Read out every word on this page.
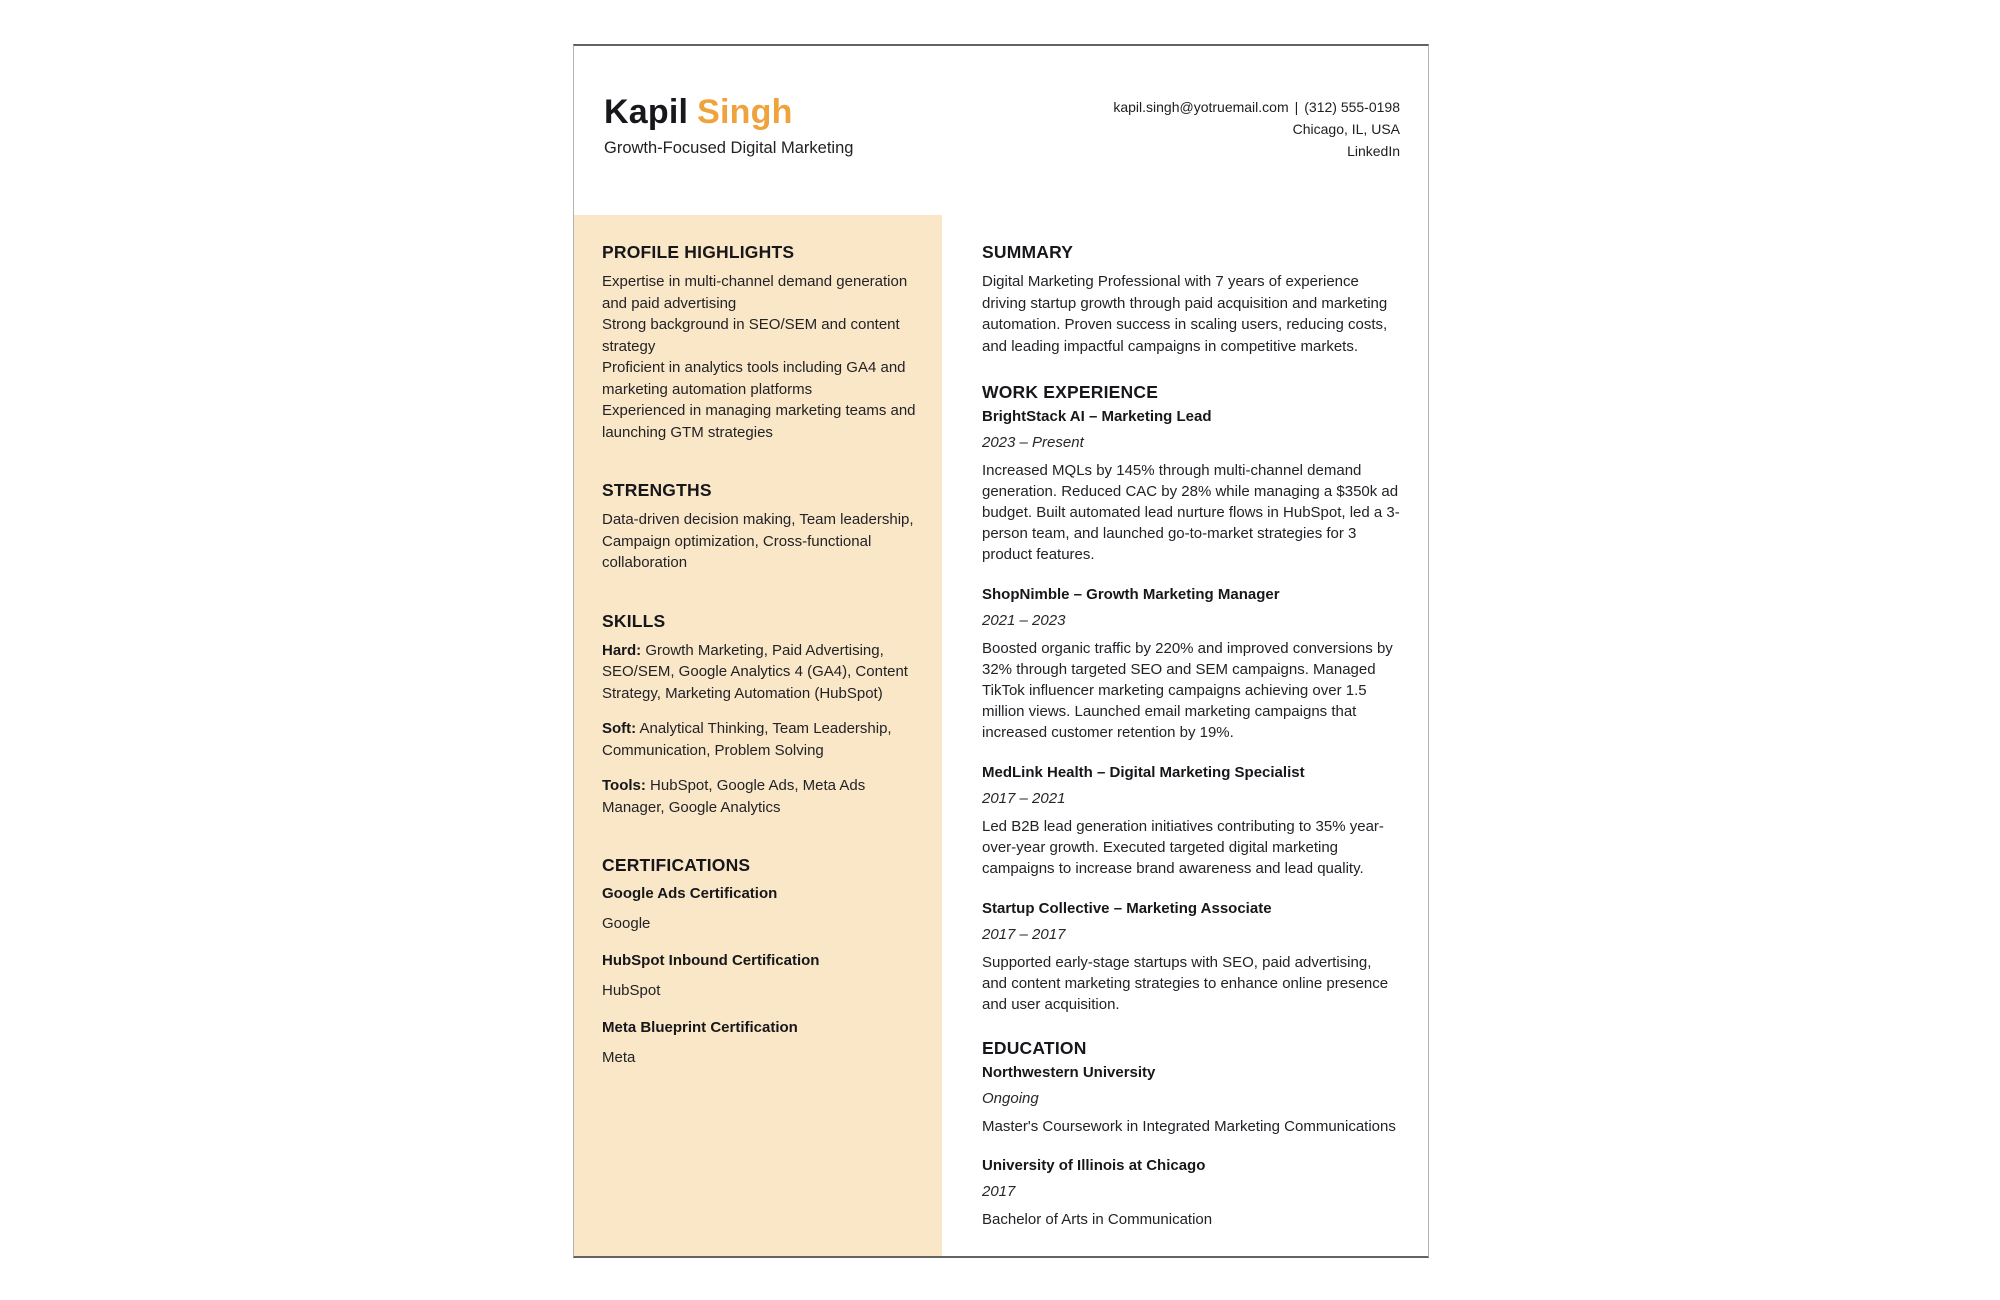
Kapil Singh
Growth-Focused Digital Marketing
kapil.singh@yotruemail.com | (312) 555-0198
Chicago, IL, USA
LinkedIn
PROFILE HIGHLIGHTS
Expertise in multi-channel demand generation and paid advertising
Strong background in SEO/SEM and content strategy
Proficient in analytics tools including GA4 and marketing automation platforms
Experienced in managing marketing teams and launching GTM strategies
STRENGTHS
Data-driven decision making, Team leadership, Campaign optimization, Cross-functional collaboration
SKILLS
Hard: Growth Marketing, Paid Advertising, SEO/SEM, Google Analytics 4 (GA4), Content Strategy, Marketing Automation (HubSpot)
Soft: Analytical Thinking, Team Leadership, Communication, Problem Solving
Tools: HubSpot, Google Ads, Meta Ads Manager, Google Analytics
CERTIFICATIONS
Google Ads Certification
Google
HubSpot Inbound Certification
HubSpot
Meta Blueprint Certification
Meta
SUMMARY
Digital Marketing Professional with 7 years of experience driving startup growth through paid acquisition and marketing automation. Proven success in scaling users, reducing costs, and leading impactful campaigns in competitive markets.
WORK EXPERIENCE
BrightStack AI – Marketing Lead
2023 – Present
Increased MQLs by 145% through multi-channel demand generation. Reduced CAC by 28% while managing a $350k ad budget. Built automated lead nurture flows in HubSpot, led a 3-person team, and launched go-to-market strategies for 3 product features.
ShopNimble – Growth Marketing Manager
2021 – 2023
Boosted organic traffic by 220% and improved conversions by 32% through targeted SEO and SEM campaigns. Managed TikTok influencer marketing campaigns achieving over 1.5 million views. Launched email marketing campaigns that increased customer retention by 19%.
MedLink Health – Digital Marketing Specialist
2017 – 2021
Led B2B lead generation initiatives contributing to 35% year-over-year growth. Executed targeted digital marketing campaigns to increase brand awareness and lead quality.
Startup Collective – Marketing Associate
2017 – 2017
Supported early-stage startups with SEO, paid advertising, and content marketing strategies to enhance online presence and user acquisition.
EDUCATION
Northwestern University
Ongoing
Master's Coursework in Integrated Marketing Communications
University of Illinois at Chicago
2017
Bachelor of Arts in Communication
